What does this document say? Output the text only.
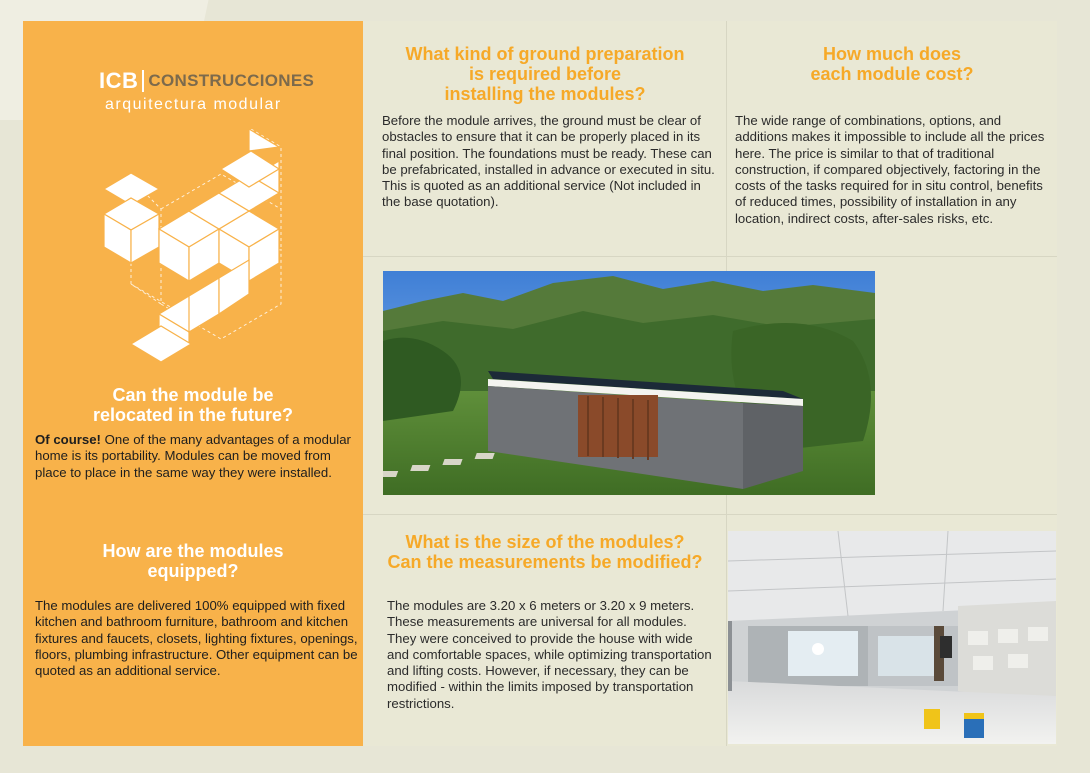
ICB CONSTRUCCIONES
arquitectura modular
Can the module be
relocated in the future?

Of course! One of the many advantages of a modular home is its portability. Modules can be moved from place to place in the same way they were installed.

How are the modules
equipped?

The modules are delivered 100% equipped with fixed kitchen and bathroom furniture, bathroom and kitchen fixtures and faucets, closets, lighting fixtures, openings, floors, plumbing infrastructure. Other equipment can be quoted as an additional service.

What kind of ground preparation
is required before
installing the modules?

Before the module arrives, the ground must be clear of obstacles to ensure that it can be properly placed in its final position. The foundations must be ready. These can be prefabricated, installed in advance or executed in situ. This is quoted as an additional service (Not included in the base quotation).

How much does
each module cost?

The wide range of combinations, options, and additions makes it impossible to include all the prices here. The price is similar to that of traditional construction, if compared objectively, factoring in the costs of the tasks required for in situ control, benefits of reduced times, possibility of installation in any location, indirect costs, after-sales risks, etc.

What is the size of the modules?
Can the measurements be modified?

The modules are 3.20 x 6 meters or 3.20 x 9 meters. These measurements are universal for all modules. They were conceived to provide the house with wide and comfortable spaces, while optimizing transportation and lifting costs. However, if necessary, they can be modified - within the limits imposed by transportation restrictions.
